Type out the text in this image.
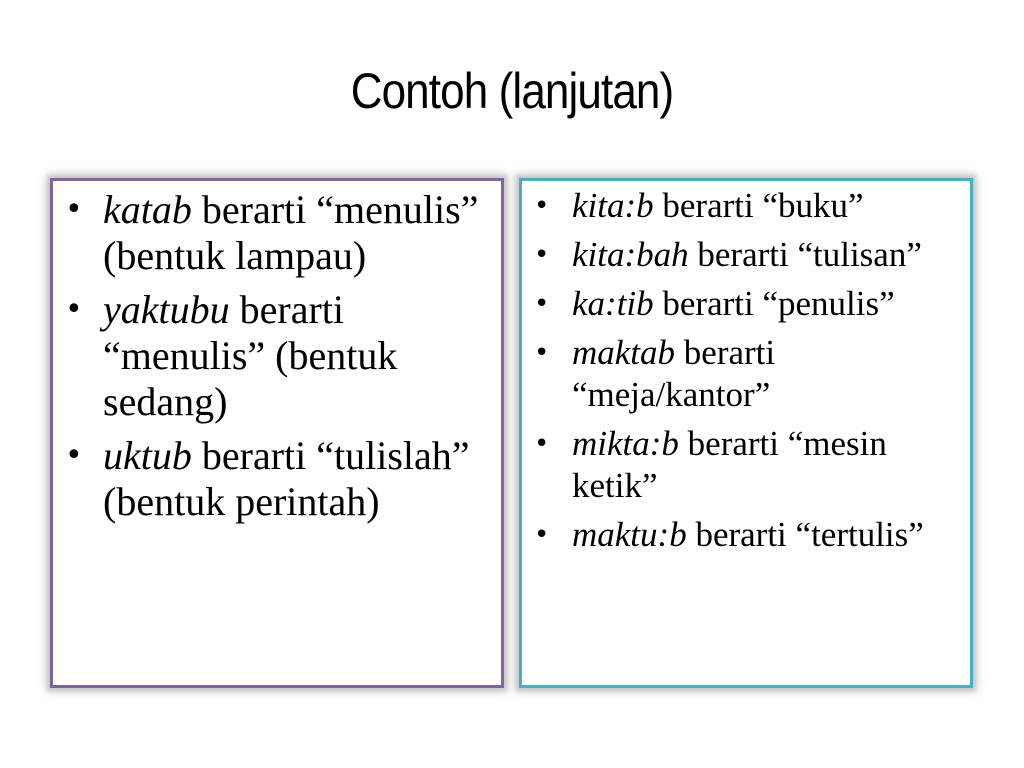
Contoh (lanjutan)
• katab berarti “menulis” (bentuk lampau)
• yaktubu berarti “menulis” (bentuk sedang)
• uktub berarti “tulislah” (bentuk perintah)
• kita:b berarti “buku”
• kita:bah berarti “tulisan”
• ka:tib berarti “penulis”
• maktab berarti “meja/kantor”
• mikta:b berarti “mesin ketik”
• maktu:b berarti “tertulis”
